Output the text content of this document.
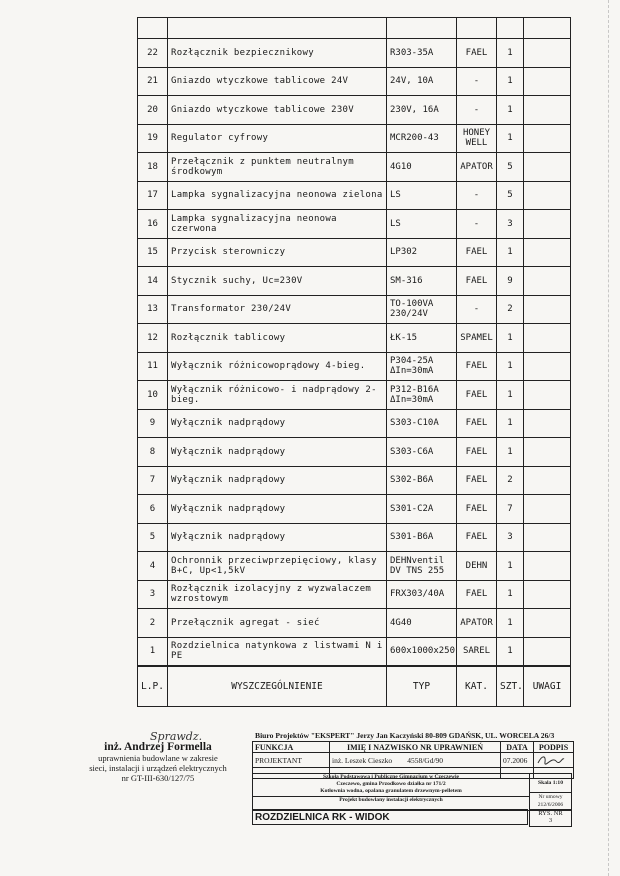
22	Rozłącznik bezpiecznikowy	R303-35A	FAEL	1	
21	Gniazdo wtyczkowe tablicowe 24V	24V, 10A	-	1	
20	Gniazdo wtyczkowe tablicowe 230V	230V, 16A	-	1	
19	Regulator cyfrowy	MCR200-43	HONEY WELL	1	
18	Przełącznik z punktem neutralnym środkowym	4G10	APATOR	5	
17	Lampka sygnalizacyjna neonowa zielona	LS	-	5	
16	Lampka sygnalizacyjna neonowa czerwona	LS	-	3	
15	Przycisk sterowniczy	LP302	FAEL	1	
14	Stycznik suchy, Uc=230V	SM-316	FAEL	9	
13	Transformator 230/24V	TO-100VA 230/24V	-	2	
12	Rozłącznik tablicowy	ŁK-15	SPAMEL	1	
11	Wyłącznik różnicowoprądowy 4-bieg.	P304-25A ΔIn=30mA	FAEL	1	
10	Wyłącznik różnicowo- i nadprądowy 2-bieg.	P312-B16A ΔIn=30mA	FAEL	1	
9	Wyłącznik nadprądowy	S303-C10A	FAEL	1	
8	Wyłącznik nadprądowy	S303-C6A	FAEL	1	
7	Wyłącznik nadprądowy	S302-B6A	FAEL	2	
6	Wyłącznik nadprądowy	S301-C2A	FAEL	7	
5	Wyłącznik nadprądowy	S301-B6A	FAEL	3	
4	Ochronnik przeciwprzepięciowy, klasy B+C, Up<1,5kV	DEHNventil DV TNS 255	DEHN	1	
3	Rozłącznik izolacyjny z wyzwalaczem wzrostowym	FRX303/40A	FAEL	1	
2	Przełącznik agregat - sieć	4G40	APATOR	1	
1	Rozdzielnica natynkowa z listwami N i PE	600x1000x250	SAREL	1	
L.P.	WYSZCZEGÓLNIENIE	TYP	KAT.	SZT.	UWAGI
Sprawdz.
inż. Andrzej Formella
uprawnienia budowlane w zakresie
sieci, instalacji i urządzeń elektrycznych
nr GT-III-630/127/75
Biuro Projektów "EKSPERT" Jerzy Jan Kaczyński 80-809 GDAŃSK, UL. WORCELA 26/3
FUNKCJA	IMIĘ I NAZWISKO NR UPRAWNIEŃ	DATA	PODPIS
PROJEKTANT	inż. Leszek Cieszko 4558/Gd/90	07.2006	

Szkoła Podstawowa i Publiczne Gimnazjum w Czeczewie
Czeczewo, gmina Przodkowo działka nr 171/2
Kotłownia wodna, opalana granulatem drzewnym-pelletem
Projekt budowlany instalacji elektrycznych
Skala 1:10
Nr umowy 212/6/2006
ROZDZIELNICA RK - WIDOK	RYS. NR
3
